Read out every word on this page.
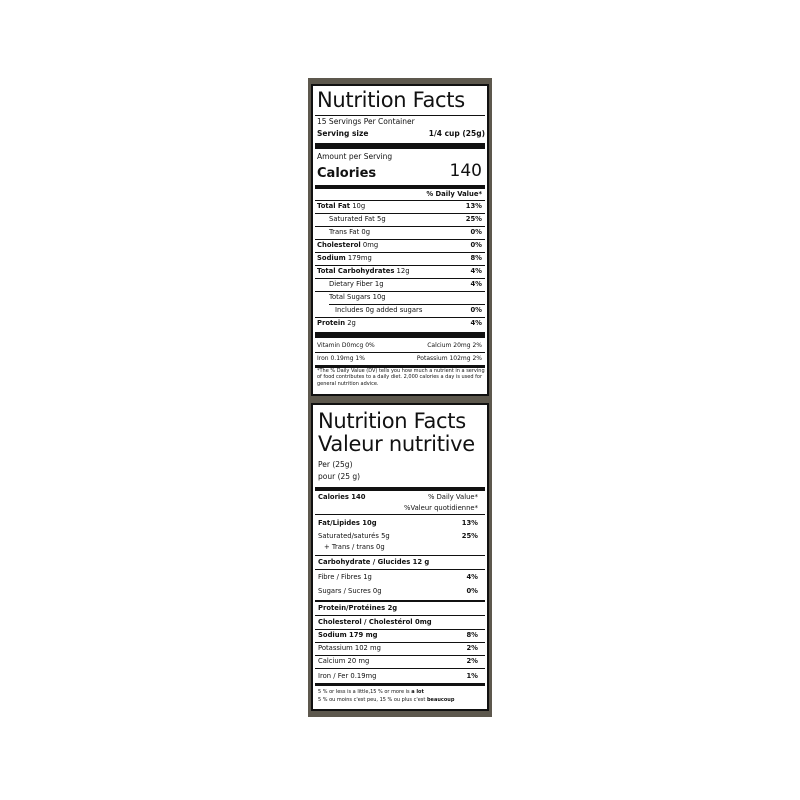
Nutrition Facts
15 Servings Per Container
Serving size	1/4 cup (25g)
Amount per Serving
Calories	140
% Daily Value*
Total Fat 10g	13%
Saturated Fat 5g	25%
Trans Fat 0g	0%
Cholesterol 0mg	0%
Sodium 179mg	8%
Total Carbohydrates 12g	4%
Dietary Fiber 1g	4%
Total Sugars 10g
Includes 0g added sugars	0%
Protein 2g	4%
Vitamin D0mcg 0%	Calcium 20mg 2%
Iron 0.19mg 1%	Potassium 102mg 2%
*The % Daily Value (DV) tells you how much a nutrient in a serving of food contributes to a daily diet. 2,000 calories a day is used for general nutrition advice.
Nutrition Facts
Valeur nutritive
Per (25g)
pour (25 g)
Calories 140	% Daily Value*
%Valeur quotidienne*
Fat/Lipides 10g	13%
Saturated/saturés 5g	25%
+ Trans / trans 0g
Carbohydrate / Glucides 12 g
Fibre / Fibres 1g	4%
Sugars / Sucres 0g	0%
Protein/Protéines 2g
Cholesterol / Cholestérol 0mg
Sodium 179 mg	8%
Potassium 102 mg	2%
Calcium 20 mg	2%
Iron / Fer 0.19mg	1%
5 % or less is a little,15 % or more is a lot
5 % ou moins c'est peu, 15 % ou plus c'est beaucoup
